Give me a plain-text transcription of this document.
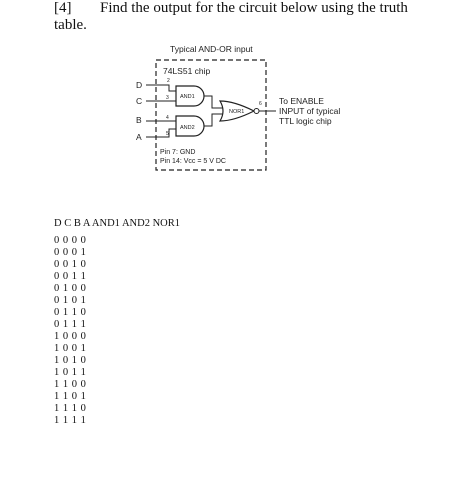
[4] Find the output for the circuit below using the truth
table.
Typical AND-OR input
74LS51 chip
D
C
B
A
2
3
4
5
6
AND1
AND2
NOR1
To ENABLE
INPUT of typical
TTL logic chip
Pin 7: GND
Pin 14: Vcc = 5 V DC
D C B A AND1 AND2 NOR1
0 0 0 0
0 0 0 1
0 0 1 0
0 0 1 1
0 1 0 0
0 1 0 1
0 1 1 0
0 1 1 1
1 0 0 0
1 0 0 1
1 0 1 0
1 0 1 1
1 1 0 0
1 1 0 1
1 1 1 0
1 1 1 1
